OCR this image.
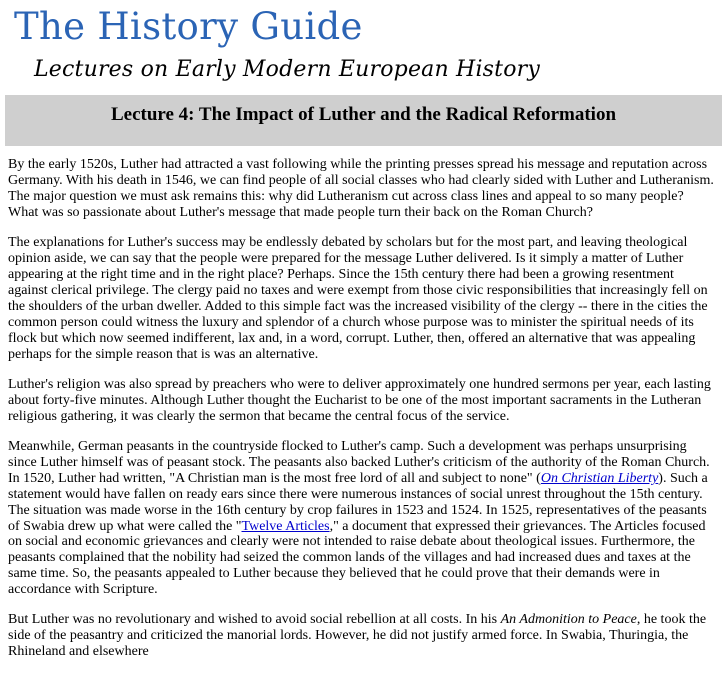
The History Guide
Lectures on Early Modern European History
Lecture 4: The Impact of Luther and the Radical Reformation

By the early 1520s, Luther had attracted a vast following while the printing presses spread his message and reputation across Germany. With his death in 1546, we can find people of all social classes who had clearly sided with Luther and Lutheranism. The major question we must ask remains this: why did Lutheranism cut across class lines and appeal to so many people? What was so passionate about Luther's message that made people turn their back on the Roman Church?

The explanations for Luther's success may be endlessly debated by scholars but for the most part, and leaving theological opinion aside, we can say that the people were prepared for the message Luther delivered. Is it simply a matter of Luther appearing at the right time and in the right place? Perhaps. Since the 15th century there had been a growing resentment against clerical privilege. The clergy paid no taxes and were exempt from those civic responsibilities that increasingly fell on the shoulders of the urban dweller. Added to this simple fact was the increased visibility of the clergy -- there in the cities the common person could witness the luxury and splendor of a church whose purpose was to minister the spiritual needs of its flock but which now seemed indifferent, lax and, in a word, corrupt. Luther, then, offered an alternative that was appealing perhaps for the simple reason that is was an alternative.

Luther's religion was also spread by preachers who were to deliver approximately one hundred sermons per year, each lasting about forty-five minutes. Although Luther thought the Eucharist to be one of the most important sacraments in the Lutheran religious gathering, it was clearly the sermon that became the central focus of the service.

Meanwhile, German peasants in the countryside flocked to Luther's camp. Such a development was perhaps unsurprising since Luther himself was of peasant stock. The peasants also backed Luther's criticism of the authority of the Roman Church. In 1520, Luther had written, "A Christian man is the most free lord of all and subject to none" (On Christian Liberty). Such a statement would have fallen on ready ears since there were numerous instances of social unrest throughout the 15th century. The situation was made worse in the 16th century by crop failures in 1523 and 1524. In 1525, representatives of the peasants of Swabia drew up what were called the "Twelve Articles," a document that expressed their grievances. The Articles focused on social and economic grievances and clearly were not intended to raise debate about theological issues. Furthermore, the peasants complained that the nobility had seized the common lands of the villages and had increased dues and taxes at the same time. So, the peasants appealed to Luther because they believed that he could prove that their demands were in accordance with Scripture.

But Luther was no revolutionary and wished to avoid social rebellion at all costs. In his An Admonition to Peace, he took the side of the peasantry and criticized the manorial lords. However, he did not justify armed force. In Swabia, Thuringia, the Rhineland and elsewhere
